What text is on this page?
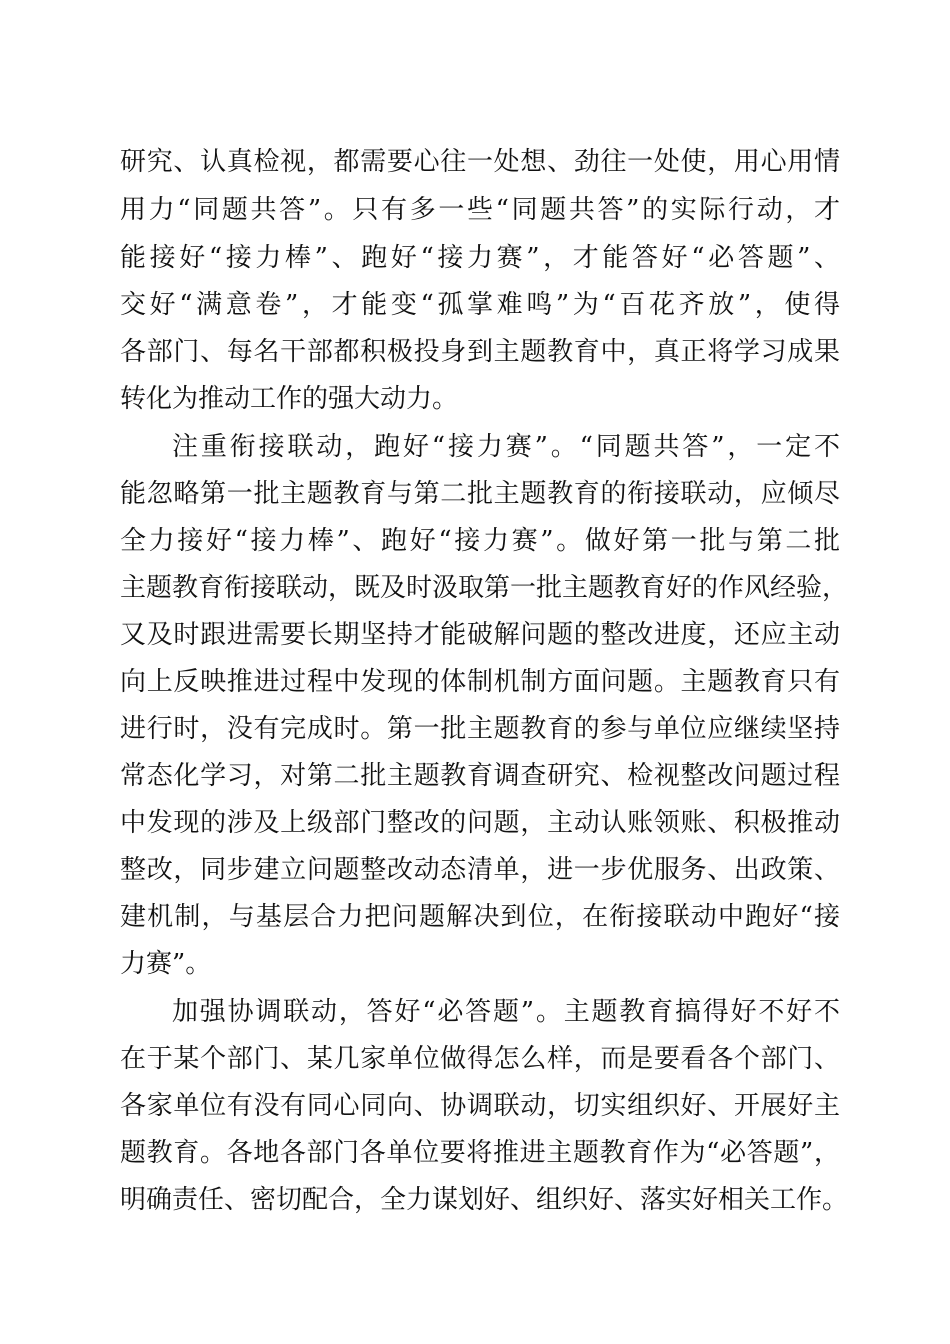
研究、认真检视，都需要心往一处想、劲往一处使，用心用情
用力“同题共答”。只有多一些“同题共答”的实际行动，才
能接好“接力棒”、跑好“接力赛”，才能答好“必答题”、
交好“满意卷”，才能变“孤掌难鸣”为“百花齐放”，使得
各部门、每名干部都积极投身到主题教育中，真正将学习成果
转化为推动工作的强大动力。
注重衔接联动，跑好“接力赛”。“同题共答”，一定不
能忽略第一批主题教育与第二批主题教育的衔接联动，应倾尽
全力接好“接力棒”、跑好“接力赛”。做好第一批与第二批
主题教育衔接联动，既及时汲取第一批主题教育好的作风经验，
又及时跟进需要长期坚持才能破解问题的整改进度，还应主动
向上反映推进过程中发现的体制机制方面问题。主题教育只有
进行时，没有完成时。第一批主题教育的参与单位应继续坚持
常态化学习，对第二批主题教育调查研究、检视整改问题过程
中发现的涉及上级部门整改的问题，主动认账领账、积极推动
整改，同步建立问题整改动态清单，进一步优服务、出政策、
建机制，与基层合力把问题解决到位，在衔接联动中跑好“接
力赛”。
加强协调联动，答好“必答题”。主题教育搞得好不好不
在于某个部门、某几家单位做得怎么样，而是要看各个部门、
各家单位有没有同心同向、协调联动，切实组织好、开展好主
题教育。各地各部门各单位要将推进主题教育作为“必答题”，
明确责任、密切配合，全力谋划好、组织好、落实好相关工作。
